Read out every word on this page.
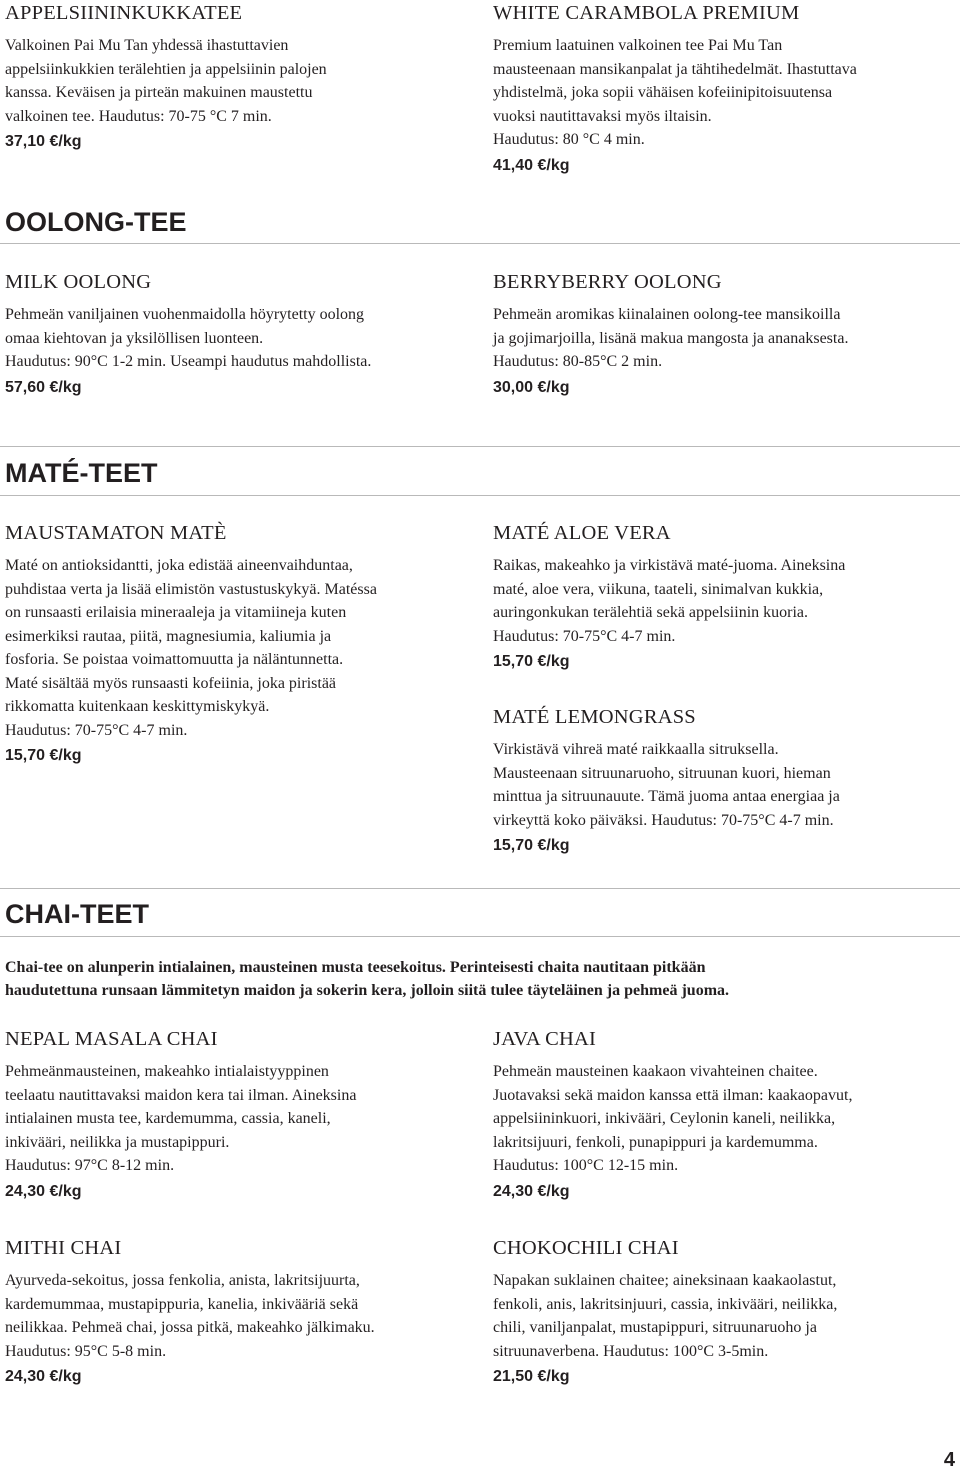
APPELSIININKUKKATEE

Valkoinen Pai Mu Tan yhdessä ihastuttavien
appelsiinkukkien terälehtien ja appelsiinin palojen
kanssa. Keväisen ja pirteän makuinen maustettu
valkoinen tee. Haudutus: 70-75 °C 7 min.

37,10 €/kg

WHITE CARAMBOLA PREMIUM

Premium laatuinen valkoinen tee Pai Mu Tan
mausteenaan mansikanpalat ja tähtihedelmät. Ihastuttava
yhdistelmä, joka sopii vähäisen kofeiinipitoisuutensa
vuoksi nautittavaksi myös iltaisin.
Haudutus: 80 °C 4 min.

41,40 €/kg

OOLONG-TEE
MILK OOLONG

Pehmeän vaniljainen vuohenmaidolla höyrytetty oolong
omaa kiehtovan ja yksilöllisen luonteen.
Haudutus: 90°C 1-2 min. Useampi haudutus mahdollista.

57,60 €/kg

BERRYBERRY OOLONG

Pehmeän aromikas kiinalainen oolong-tee mansikoilla
ja gojimarjoilla, lisänä makua mangosta ja ananaksesta.
Haudutus: 80-85°C 2 min.

30,00 €/kg

MATÉ-TEET
MAUSTAMATON MATÈ

Maté on antioksidantti, joka edistää aineenvaihduntaa,
puhdistaa verta ja lisää elimistön vastustuskykyä. Matéssa
on runsaasti erilaisia mineraaleja ja vitamiineja kuten
esimerkiksi rautaa, piitä, magnesiumia, kaliumia ja
fosforia. Se poistaa voimattomuutta ja näläntunnetta.
Maté sisältää myös runsaasti kofeiinia, joka piristää
rikkomatta kuitenkaan keskittymiskykyä.
Haudutus: 70-75°C 4-7 min.

15,70 €/kg

MATÉ ALOE VERA

Raikas, makeahko ja virkistävä maté-juoma. Aineksina
maté, aloe vera, viikuna, taateli, sinimalvan kukkia,
auringonkukan terälehtiä sekä appelsiinin kuoria.
Haudutus: 70-75°C 4-7 min.

15,70 €/kg

MATÉ LEMONGRASS

Virkistävä vihreä maté raikkaalla sitruksella.
Mausteenaan sitruunaruoho, sitruunan kuori, hieman
minttua ja sitruunauute. Tämä juoma antaa energiaa ja
virkeyttä koko päiväksi. Haudutus: 70-75°C 4-7 min.

15,70 €/kg

CHAI-TEET

Chai-tee on alunperin intialainen, mausteinen musta teesekoitus. Perinteisesti chaita nautitaan pitkään
haudutettuna runsaan lämmitetyn maidon ja sokerin kera, jolloin siitä tulee täyteläinen ja pehmeä juoma.

NEPAL MASALA CHAI

Pehmeänmausteinen, makeahko intialaistyyppinen
teelaatu nautittavaksi maidon kera tai ilman. Aineksina
intialainen musta tee, kardemumma, cassia, kaneli,
inkivääri, neilikka ja mustapippuri.
Haudutus: 97°C 8-12 min.

24,30 €/kg

JAVA CHAI

Pehmeän mausteinen kaakaon vivahteinen chaitee.
Juotavaksi sekä maidon kanssa että ilman: kaakaopavut,
appelsiininkuori, inkivääri, Ceylonin kaneli, neilikka,
lakritsijuuri, fenkoli, punapippuri ja kardemumma.
Haudutus: 100°C 12-15 min.

24,30 €/kg

MITHI CHAI

Ayurveda-sekoitus, jossa fenkolia, anista, lakritsijuurta,
kardemummaa, mustapippuria, kanelia, inkivääriä sekä
neilikkaa. Pehmeä chai, jossa pitkä, makeahko jälkimaku.
Haudutus: 95°C 5-8 min.

24,30 €/kg

CHOKOCHILI CHAI

Napakan suklainen chaitee; aineksinaan kaakaolastut,
fenkoli, anis, lakritsinjuuri, cassia, inkivääri, neilikka,
chili, vaniljanpalat, mustapippuri, sitruunaruoho ja
sitruunaverbena. Haudutus: 100°C 3-5min.

21,50 €/kg

4
